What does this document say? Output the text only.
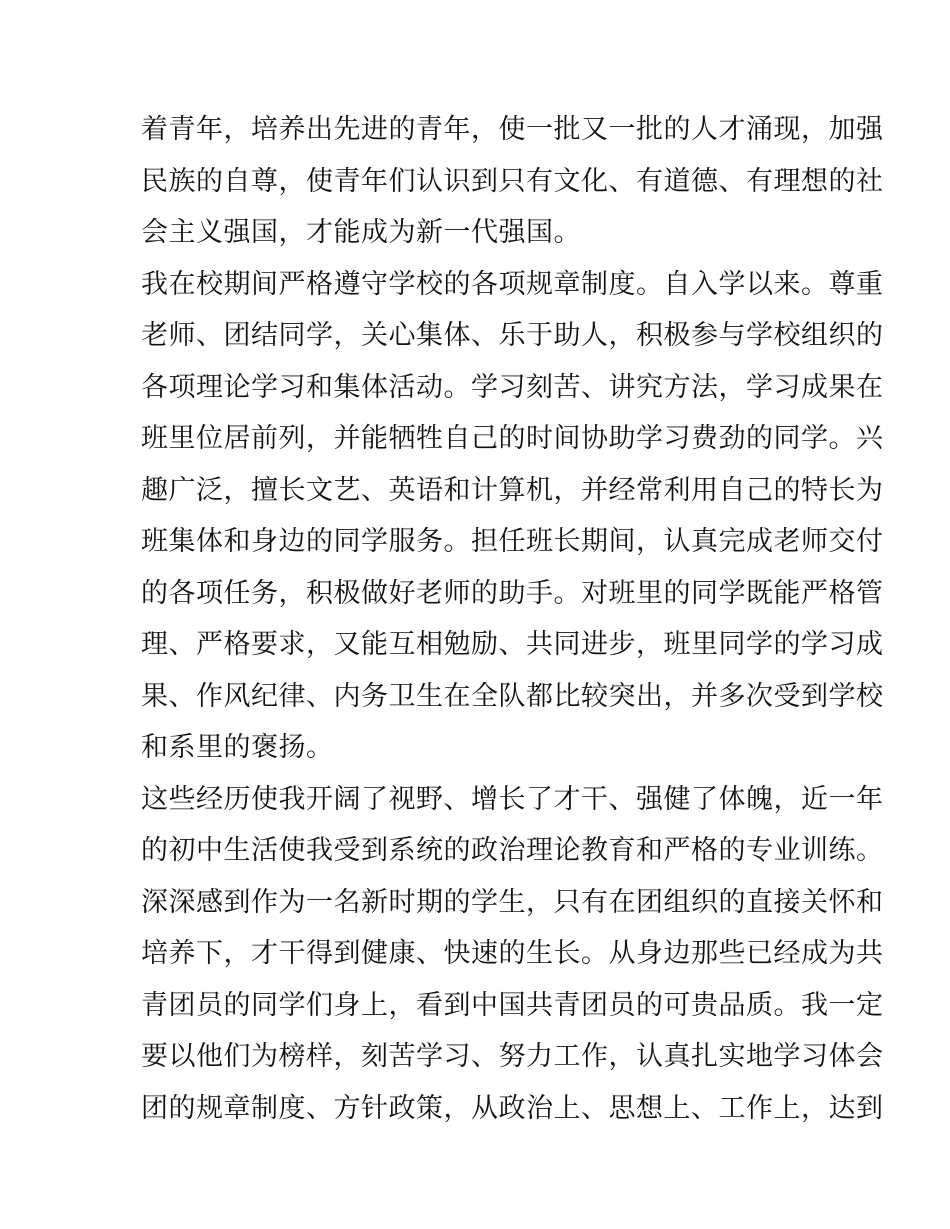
着青年，培养出先进的青年，使一批又一批的人才涌现，加强
民族的自尊，使青年们认识到只有文化、有道德、有理想的社
会主义强国，才能成为新一代强国。
我在校期间严格遵守学校的各项规章制度。自入学以来。尊重
老师、团结同学，关心集体、乐于助人，积极参与学校组织的
各项理论学习和集体活动。学习刻苦、讲究方法，学习成果在
班里位居前列，并能牺牲自己的时间协助学习费劲的同学。兴
趣广泛，擅长文艺、英语和计算机，并经常利用自己的特长为
班集体和身边的同学服务。担任班长期间，认真完成老师交付
的各项任务，积极做好老师的助手。对班里的同学既能严格管
理、严格要求，又能互相勉励、共同进步，班里同学的学习成
果、作风纪律、内务卫生在全队都比较突出，并多次受到学校
和系里的褒扬。
这些经历使我开阔了视野、增长了才干、强健了体魄，近一年
的初中生活使我受到系统的政治理论教育和严格的专业训练。
深深感到作为一名新时期的学生，只有在团组织的直接关怀和
培养下，才干得到健康、快速的生长。从身边那些已经成为共
青团员的同学们身上，看到中国共青团员的可贵品质。我一定
要以他们为榜样，刻苦学习、努力工作，认真扎实地学习体会
团的规章制度、方针政策，从政治上、思想上、工作上，达到
